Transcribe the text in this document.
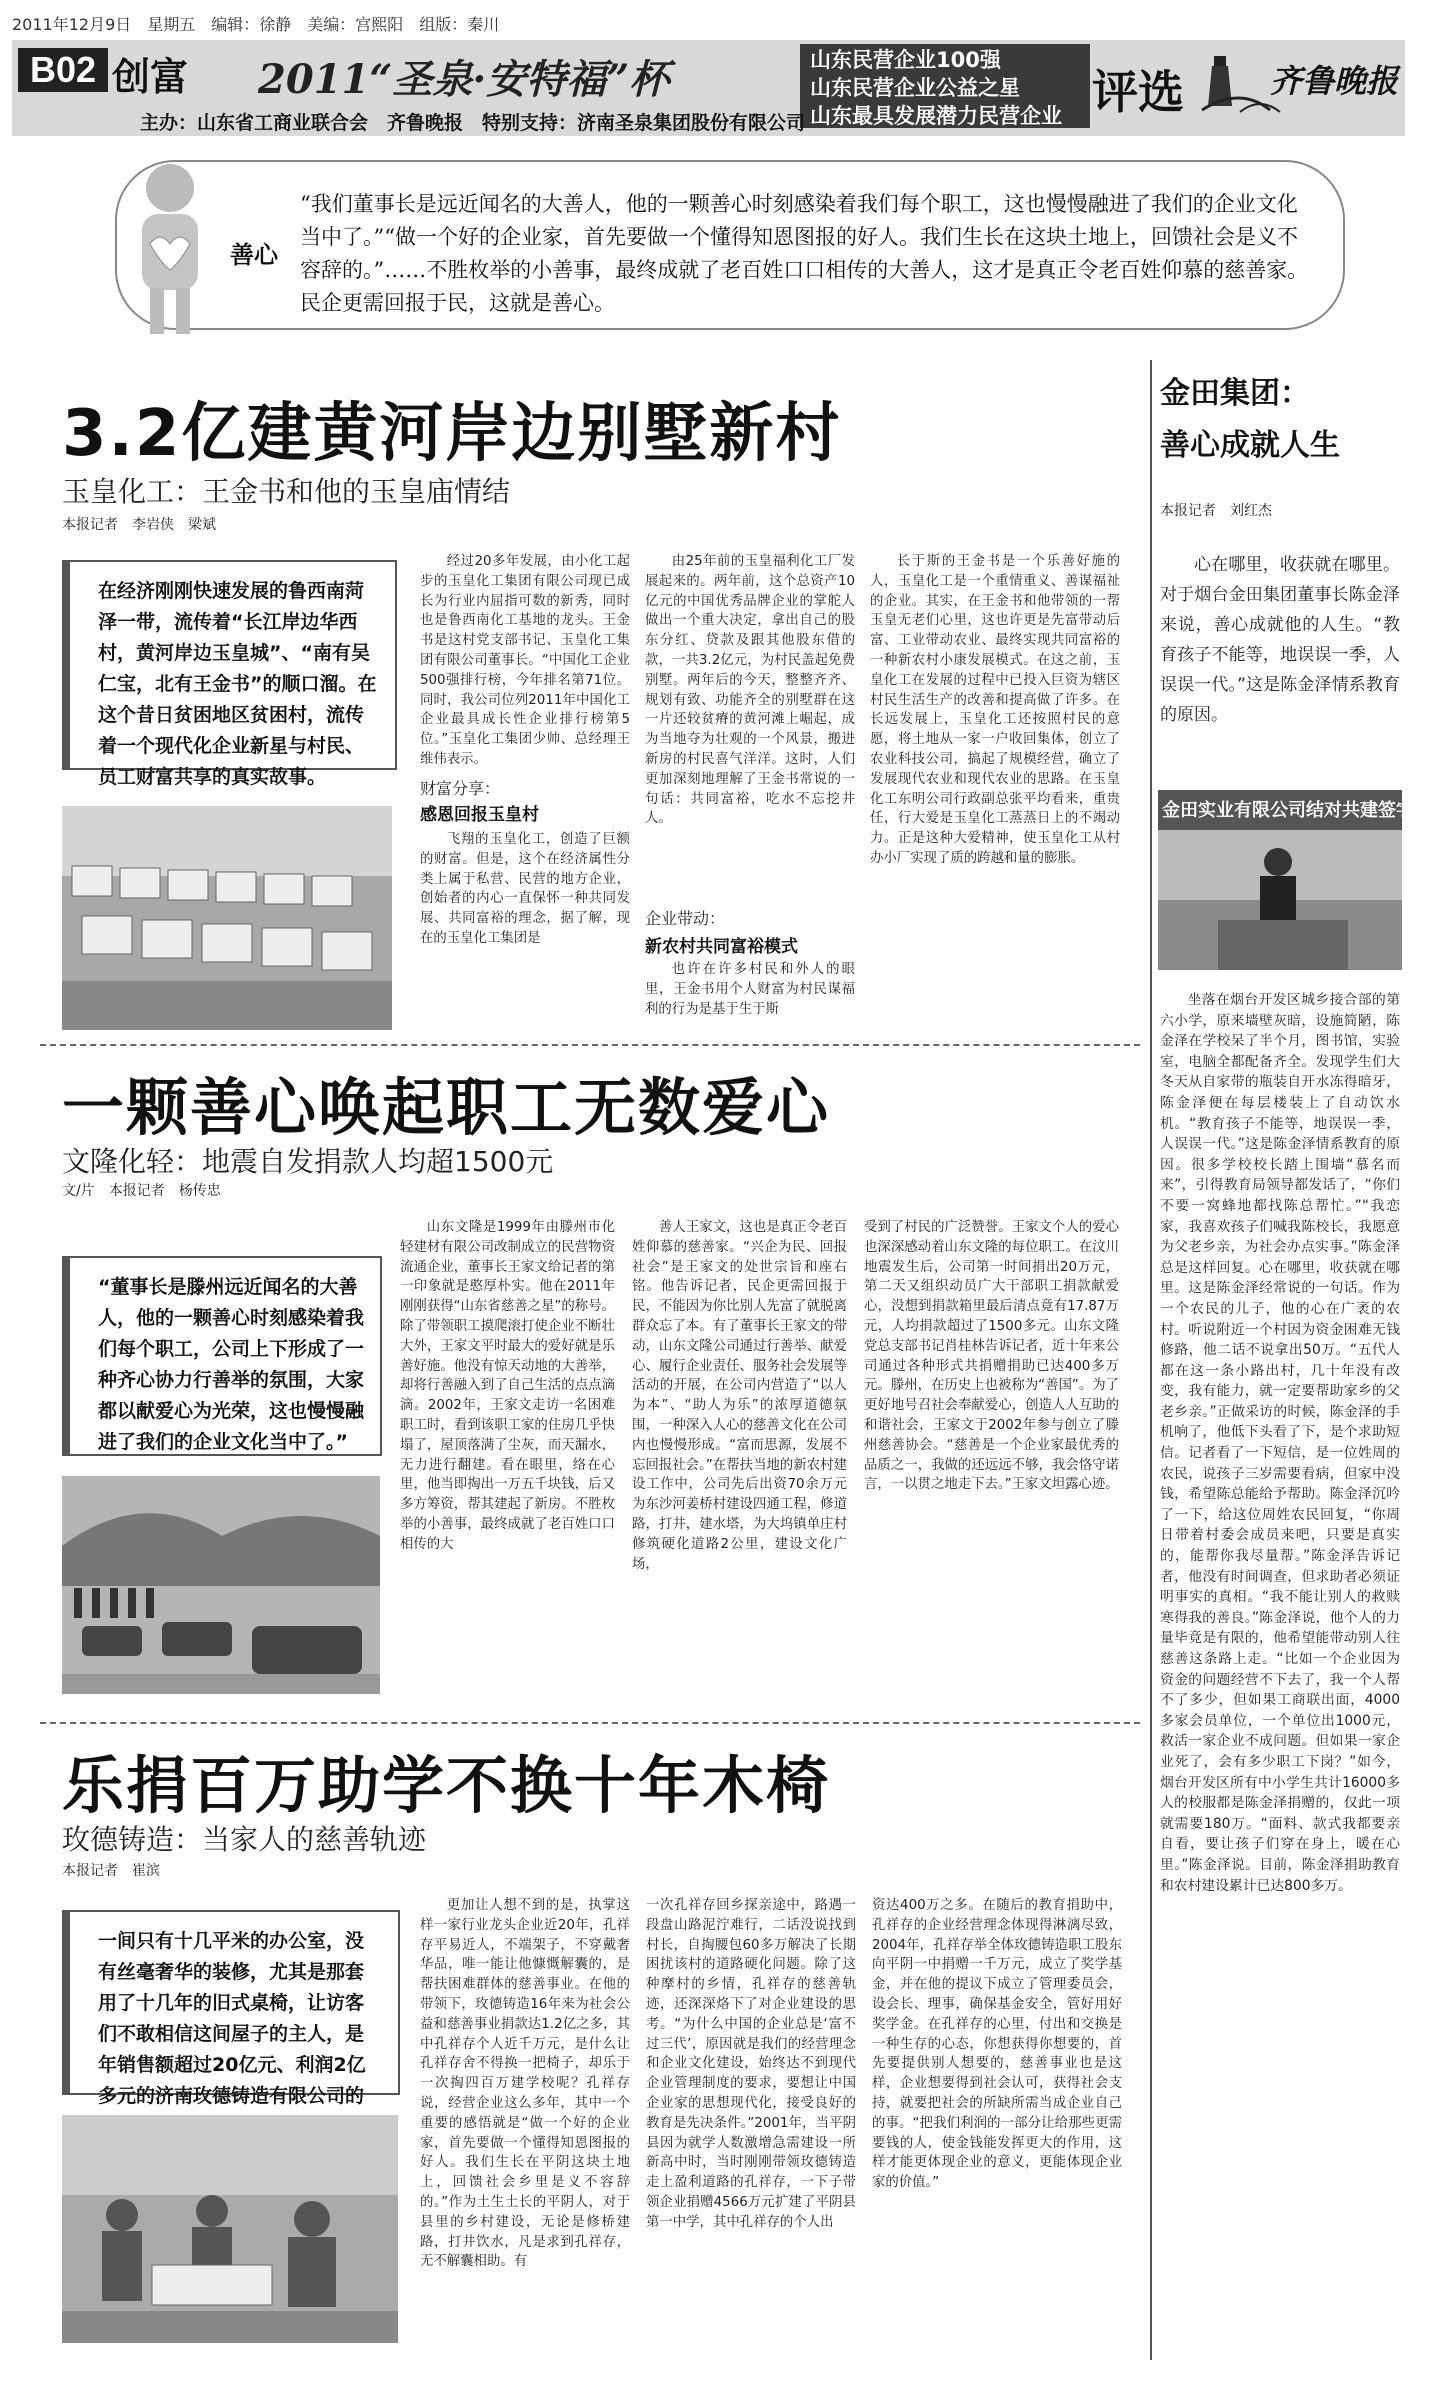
2011年12月9日　星期五　编辑：徐静　美编：宫熙阳　组版：秦川
B02 创富 2011“圣泉·安特福”杯	山东民营企业100强
山东民营企业公益之星
山东最具发展潜力民营企业 评选	齐鲁晚报
主办：山东省工商业联合会　齐鲁晚报　特别支持：济南圣泉集团股份有限公司
善心
“我们董事长是远近闻名的大善人，他的一颗善心时刻感染着我们每个职工，这也慢慢融进了我们的企业文化当中了。”“做一个好的企业家，首先要做一个懂得知恩图报的好人。我们生长在这块土地上，回馈社会是义不容辞的。”……不胜枚举的小善事，最终成就了老百姓口口相传的大善人，这才是真正令老百姓仰慕的慈善家。民企更需回报于民，这就是善心。
3.2亿建黄河岸边别墅新村
玉皇化工：王金书和他的玉皇庙情结
本报记者　李岩侠　梁斌
在经济刚刚快速发展的鲁西南菏泽一带，流传着“长江岸边华西村，黄河岸边玉皇城”、“南有吴仁宝，北有王金书”的顺口溜。在这个昔日贫困地区贫困村，流传着一个现代化企业新星与村民、员工财富共享的真实故事。
经过20多年发展，由小化工起步的玉皇化工集团有限公司现已成长为行业内屈指可数的新秀，同时也是鲁西南化工基地的龙头。王金书是这村党支部书记、玉皇化工集团有限公司董事长。“中国化工企业500强排行榜，今年排名第71位。同时，我公司位列2011年中国化工企业最具成长性企业排行榜第5位。”玉皇化工集团少帅、总经理王维伟表示。
财富分享：
感恩回报玉皇村
飞翔的玉皇化工，创造了巨额的财富。但是，这个在经济属性分类上属于私营、民营的地方企业，创始者的内心一直保怀一种共同发展、共同富裕的理念，据了解，现在的玉皇化工集团是
由25年前的玉皇福利化工厂发展起来的。两年前，这个总资产10亿元的中国优秀品牌企业的掌舵人做出一个重大决定，拿出自己的股东分红、贷款及跟其他股东借的款，一共3.2亿元，为村民盖起免费别墅。两年后的今天，整整齐齐、规划有致、功能齐全的别墅群在这一片还较贫瘠的黄河滩上崛起，成为当地夺为壮观的一个风景，搬进新房的村民喜气洋洋。这时，人们更加深刻地理解了王金书常说的一句话：共同富裕，吃水不忘挖井人。
企业带动：
新农村共同富裕模式
也许在许多村民和外人的眼里，王金书用个人财富为村民谋福利的行为是基于生于斯
长于斯的王金书是一个乐善好施的人，玉皇化工是一个重情重义、善谋福祉的企业。其实，在王金书和他带领的一帮玉皇无老们心里，这也许更是先富带动后富、工业带动农业、最终实现共同富裕的一种新农村小康发展模式。在这之前，玉皇化工在发展的过程中已投入巨资为辖区村民生活生产的改善和提高做了许多。在长远发展上，玉皇化工还按照村民的意愿，将土地从一家一户收回集体，创立了农业科技公司，搞起了规模经营，确立了发展现代农业和现代农业的思路。在玉皇化工东明公司行政副总张平均看来，重贵任，行大爱是玉皇化工蒸蒸日上的不竭动力。正是这种大爱精神，使玉皇化工从村办小厂实现了质的跨越和量的膨胀。
一颗善心唤起职工无数爱心
文隆化轻：地震自发捐款人均超1500元
文/片　本报记者　杨传忠
“董事长是滕州远近闻名的大善人，他的一颗善心时刻感染着我们每个职工，公司上下形成了一种齐心协力行善举的氛围，大家都以献爱心为光荣，这也慢慢融进了我们的企业文化当中了。”
山东文隆是1999年由滕州市化轻建材有限公司改制成立的民营物资流通企业，董事长王家文给记者的第一印象就是憨厚朴实。他在2011年刚刚获得“山东省慈善之星”的称号。除了带领职工摸爬滚打使企业不断壮大外，王家文平时最大的爱好就是乐善好施。他没有惊天动地的大善举，却将行善融入到了自己生活的点点滴滴。2002年，王家文走访一名困难职工时，看到该职工家的住房几乎快塌了，屋顶落满了尘灰，而天漏水，无力进行翻建。看在眼里，络在心里，他当即掏出一万五千块钱，后又多方筹资，帮其建起了新房。不胜枚举的小善事，最终成就了老百姓口口相传的大
善人王家文，这也是真正令老百姓仰慕的慈善家。“兴企为民、回报社会”是王家文的处世宗旨和座右铭。他告诉记者，民企更需回报于民，不能因为你比别人先富了就脱离群众忘了本。有了董事长王家文的带动，山东文隆公司通过行善举、献爱心、履行企业责任、服务社会发展等活动的开展，在公司内营造了“以人为本”、“助人为乐”的浓厚道德氛围，一种深入人心的慈善文化在公司内也慢慢形成。“富而思源，发展不忘回报社会。”在帮扶当地的新农村建设工作中，公司先后出资70余万元为东沙河姜桥村建设四通工程，修道路，打井，建水塔，为大坞镇单庄村修筑硬化道路2公里，建设文化广场，
受到了村民的广泛赞誉。王家文个人的爱心也深深感动着山东文隆的每位职工。在汶川地震发生后，公司第一时间捐出20万元，第二天又组织动员广大干部职工捐款献爱心，没想到捐款箱里最后清点竟有17.87万元，人均捐款超过了1500多元。山东文隆党总支部书记肖桂林告诉记者，近十年来公司通过各种形式共捐赠捐助已达400多万元。滕州，在历史上也被称为“善国”。为了更好地号召社会奉献爱心，创造人人互助的和谐社会，王家文于2002年参与创立了滕州慈善协会。“慈善是一个企业家最优秀的品质之一，我做的还远远不够，我会恪守诺言，一以贯之地走下去。”王家文坦露心迹。
乐捐百万助学不换十年木椅
玫德铸造：当家人的慈善轨迹
本报记者　崔滨
一间只有十几平米的办公室，没有丝毫奢华的装修，尤其是那套用了十几年的旧式桌椅，让访客们不敢相信这间屋子的主人，是年销售额超过20亿元、利润2亿多元的济南玫德铸造有限公司的
更加让人想不到的是，执掌这样一家行业龙头企业近20年，孔祥存平易近人，不端架子，不穿戴奢华品，唯一能让他慷慨解囊的，是帮扶困难群体的慈善事业。在他的带领下，玫德铸造16年来为社会公益和慈善事业捐款达1.2亿之多，其中孔祥存个人近千万元，是什么让孔祥存舍不得换一把椅子，却乐于一次掏四百万建学校呢？孔祥存说，经营企业这么多年，其中一个重要的感悟就是“做一个好的企业家，首先要做一个懂得知恩图报的好人。我们生长在平阴这块土地上，回馈社会乡里是义不容辞的。”作为土生土长的平阴人，对于县里的乡村建设，无论是修桥建路，打井饮水，凡是求到孔祥存，无不解囊相助。有
一次孔祥存回乡探亲途中，路遇一段盘山路泥泞难行，二话没说找到村长，自掏腰包60多万解决了长期困扰该村的道路硬化问题。除了这种摩村的乡情，孔祥存的慈善轨迹，还深深烙下了对企业建设的思考。“为什么中国的企业总是‘富不过三代’，原因就是我们的经营理念和企业文化建设，始终达不到现代企业管理制度的要求，要想让中国企业家的思想现代化，接受良好的教育是先决条件。”2001年，当平阴县因为就学人数激增急需建设一所新高中时，当时刚刚带领玫德铸造走上盈利道路的孔祥存，一下子带领企业捐赠4566万元扩建了平阴县第一中学，其中孔祥存的个人出
资达400万之多。在随后的教育捐助中，孔祥存的企业经营理念体现得淋漓尽致，2004年，孔祥存举全体玫德铸造职工股东向平阴一中捐赠一千万元，成立了奖学基金，并在他的提议下成立了管理委员会，设会长、理事，确保基金安全，管好用好奖学金。在孔祥存的心里，付出和交换是一种生存的心态，你想获得你想要的，首先要提供别人想要的，慈善事业也是这样，企业想要得到社会认可，获得社会支持，就要把社会的所缺所需当成企业自己的事。“把我们利润的一部分让给那些更需要钱的人，使金钱能发挥更大的作用，这样才能更体现企业的意义，更能体现企业家的价值。”
金田集团：
善心成就人生
本报记者　刘红杰
心在哪里，收获就在哪里。对于烟台金田集团董事长陈金泽来说，善心成就他的人生。“教育孩子不能等，地误误一季，人误误一代。”这是陈金泽情系教育的原因。
金田实业有限公司结对共建签字仪式
坐落在烟台开发区城乡接合部的第六小学，原来墙壁灰暗，设施简陋，陈金泽在学校呆了半个月，图书馆，实验室，电脑全都配备齐全。发现学生们大冬天从自家带的瓶装自开水冻得暗牙，陈金泽便在每层楼装上了自动饮水机。“教育孩子不能等，地误误一季，人误误一代。”这是陈金泽情系教育的原因。很多学校校长踏上围墙“慕名而来”，引得教育局领导都发话了，“你们不要一窝蜂地都找陈总帮忙。”“我恋家，我喜欢孩子们喊我陈校长，我愿意为父老乡亲，为社会办点实事。”陈金泽总是这样回复。心在哪里，收获就在哪里。这是陈金泽经常说的一句话。作为一个农民的儿子，他的心在广袤的农村。听说附近一个村因为资金困难无钱修路，他二话不说拿出50万。“五代人都在这一条小路出村，几十年没有改变，我有能力，就一定要帮助家乡的父老乡亲。”正做采访的时候，陈金泽的手机响了，他低下头看了下，是个求助短信。记者看了一下短信，是一位姓周的农民，说孩子三岁需要看病，但家中没钱，希望陈总能给予帮助。陈金泽沉吟了一下，给这位周姓农民回复，“你周日带着村委会成员来吧，只要是真实的，能帮你我尽量帮。”陈金泽告诉记者，他没有时间调查，但求助者必须证明事实的真相。“我不能让别人的救赎寒得我的善良。”陈金泽说，他个人的力量毕竟是有限的，他希望能带动别人往慈善这条路上走。“比如一个企业因为资金的问题经营不下去了，我一个人帮不了多少，但如果工商联出面，4000多家会员单位，一个单位出1000元，救活一家企业不成问题。但如果一家企业死了，会有多少职工下岗？”如今，烟台开发区所有中小学生共计16000多人的校服都是陈金泽捐赠的，仅此一项就需要180万。“面料、款式我都要亲自看，要让孩子们穿在身上，暖在心里。”陈金泽说。目前，陈金泽捐助教育和农村建设累计已达800多万。
